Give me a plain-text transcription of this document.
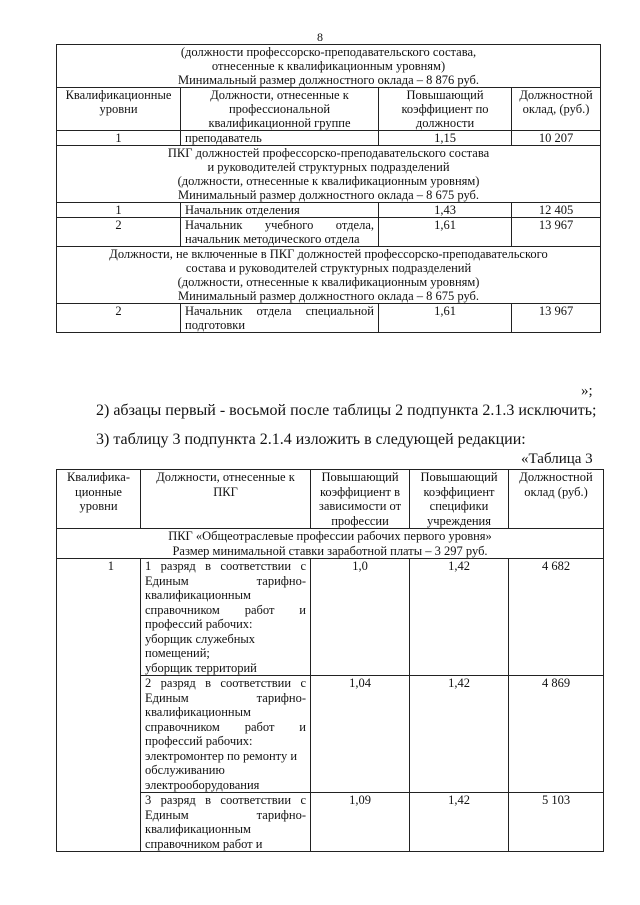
8
(должности профессорско-преподавательского состава,
отнесенные к квалификационным уровням)
Минимальный размер должностного оклада – 8 876 руб.			

Квалификационные уровни	Должности, отнесенные к профессиональной квалификационной группе	Повышающий коэффициент по должности	Должностной оклад, (руб.)
1	преподаватель	1,15	10 207

ПКГ должностей профессорско-преподавательского состава
и руководителей структурных подразделений
(должности, отнесенные к квалификационным уровням)
Минимальный размер должностного оклада – 8 675 руб.			

1	Начальник отделения	1,43	12 405
2	Начальник учебного отдела, начальник методического отдела	1,61	13 967

Должности, не включенные в ПКГ должностей профессорско-преподавательского
состава и руководителей структурных подразделений
(должности, отнесенные к квалификационным уровням)
Минимальный размер должностного оклада – 8 675 руб.			

2	Начальник отдела специальной подготовки	1,61	13 967
»;
2) абзацы первый - восьмой после таблицы 2 подпункта 2.1.3 исключить;
3) таблицу 3 подпункта 2.1.4 изложить в следующей редакции:
«Таблица 3
Квалифика-ционные уровни	Должности, отнесенные к ПКГ	Повышающий коэффициент в зависимости от профессии	Повышающий коэффициент специфики учреждения	Должностной оклад (руб.)

ПКГ «Общеотраслевые профессии рабочих первого уровня»
Размер минимальной ставки заработной платы – 3 297 руб.				

1	1 разряд в соответствии с Единым тарифно-квалификационным справочником работ и профессий рабочих:
уборщик служебных помещений;
уборщик территорий	1,0	1,42	4 682

	2 разряд в соответствии с Единым тарифно-квалификационным справочником работ и профессий рабочих:
электромонтер по ремонту и обслуживанию электрооборудования	1,04	1,42	4 869

	3 разряд в соответствии с Единым тарифно-квалификационным справочником работ и	1,09	1,42	5 103
